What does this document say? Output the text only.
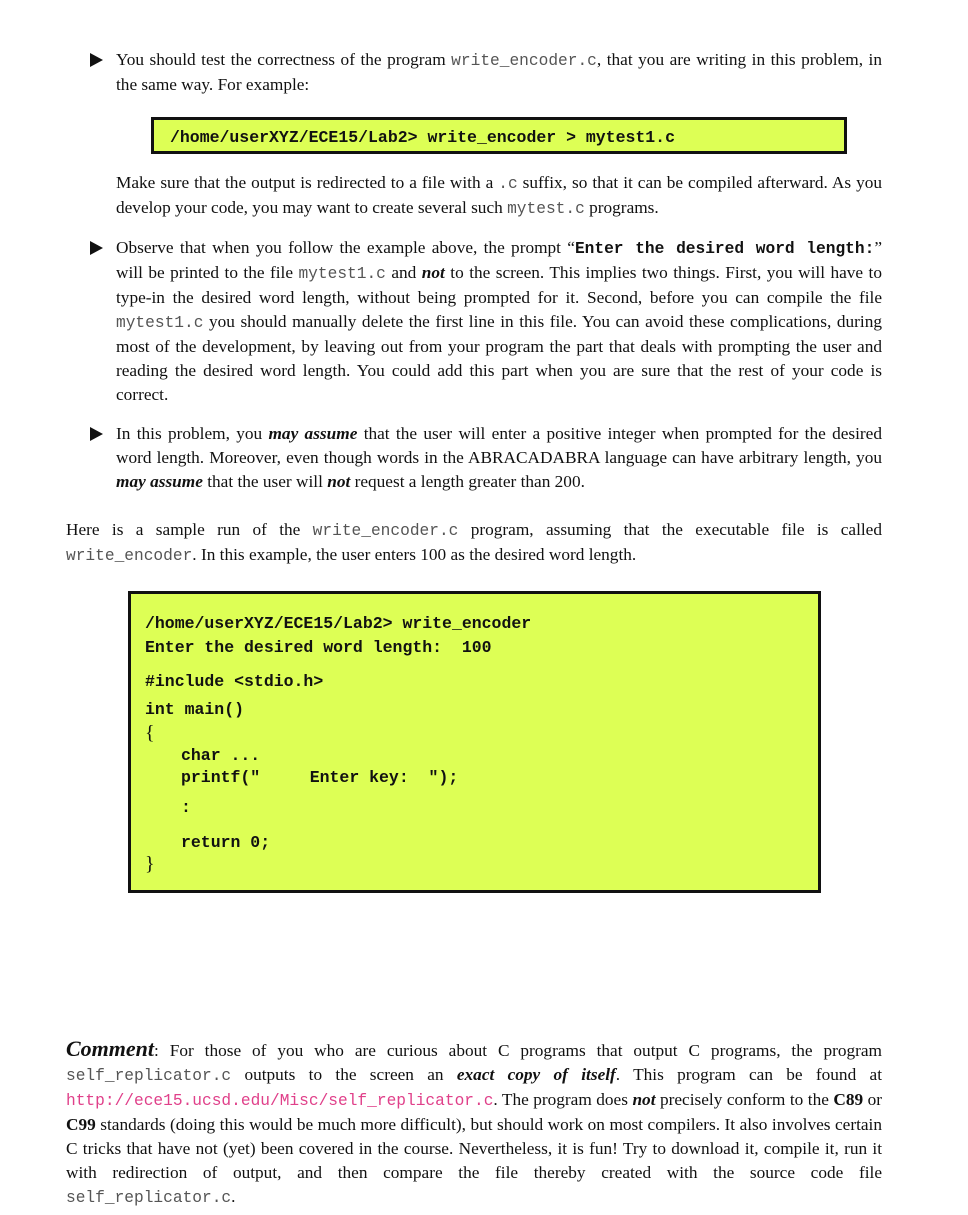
You should test the correctness of the program write_encoder.c, that you are writing in this problem, in the same way. For example:

/home/userXYZ/ECE15/Lab2> write_encoder > mytest1.c

Make sure that the output is redirected to a file with a .c suffix, so that it can be compiled afterward. As you develop your code, you may want to create several such mytest.c programs.

Observe that when you follow the example above, the prompt “Enter the desired word length:” will be printed to the file mytest1.c and not to the screen. This implies two things. First, you will have to type-in the desired word length, without being prompted for it. Second, before you can compile the file mytest1.c you should manually delete the first line in this file. You can avoid these complications, during most of the development, by leaving out from your program the part that deals with prompting the user and reading the desired word length. You could add this part when you are sure that the rest of your code is correct.

In this problem, you may assume that the user will enter a positive integer when prompted for the desired word length. Moreover, even though words in the ABRACADABRA language can have arbitrary length, you may assume that the user will not request a length greater than 200.

Here is a sample run of the write_encoder.c program, assuming that the executable file is called write_encoder. In this example, the user enters 100 as the desired word length.

/home/userXYZ/ECE15/Lab2> write_encoder
Enter the desired word length:  100
#include <stdio.h>
int main()
{
char ...
printf("     Enter key:  ");
:
return 0;
}

Comment: For those of you who are curious about C programs that output C programs, the program self_replicator.c outputs to the screen an exact copy of itself. This program can be found at http://ece15.ucsd.edu/Misc/self_replicator.c. The program does not precisely conform to the C89 or C99 standards (doing this would be much more difficult), but should work on most compilers. It also involves certain C tricks that have not (yet) been covered in the course. Nevertheless, it is fun! Try to download it, compile it, run it with redirection of output, and then compare the file thereby created with the source code file self_replicator.c.
